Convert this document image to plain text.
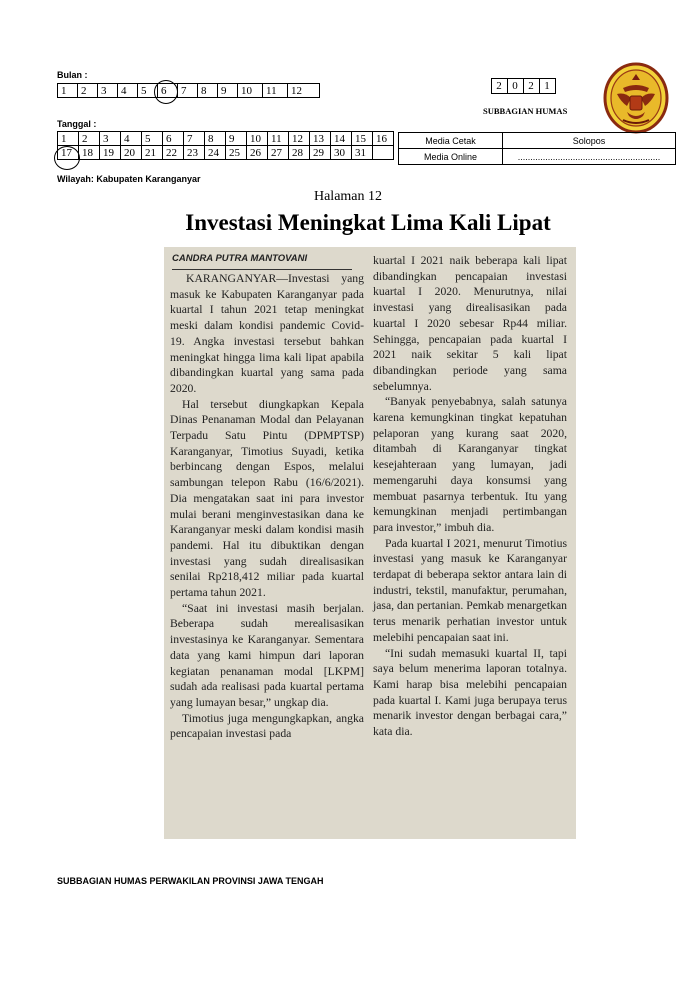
Bulan :
1	2	3	4	5	6	7	8	9	10	11	12
Tanggal :
1	2	3	4	5	6	7	8	9	10	11	12	13	14	15	16
17	18	19	20	21	22	23	24	25	26	27	28	29	30	31	
2	0	2	1
SUBBAGIAN HUMAS
Media Cetak	Solopos
Media Online	.........................................................
Wilayah: Kabupaten Karanganyar
Halaman 12
Investasi Meningkat Lima Kali Lipat
CANDRA PUTRA MANTOVANI

KARANGANYAR—Investasi yang masuk ke Kabupaten Karanganyar pada kuartal I tahun 2021 tetap meningkat meski dalam kondisi pandemic Covid-19. Angka investasi tersebut bahkan meningkat hingga lima kali lipat apabila dibandingkan kuartal yang sama pada 2020.

Hal tersebut diungkapkan Kepala Dinas Penanaman Modal dan Pelayanan Terpadu Satu Pintu (DPMPTSP) Karanganyar, Timotius Suyadi, ketika berbincang dengan Espos, melalui sambungan telepon Rabu (16/6/2021). Dia mengatakan saat ini para investor mulai berani menginvestasikan dana ke Karanganyar meski dalam kondisi masih pandemi. Hal itu dibuktikan dengan investasi yang sudah direalisasikan senilai Rp218,412 miliar pada kuartal pertama tahun 2021.

“Saat ini investasi masih berjalan. Beberapa sudah merealisasikan investasinya ke Karanganyar. Sementara data yang kami himpun dari laporan kegiatan penanaman modal [LKPM] sudah ada realisasi pada kuartal pertama yang lumayan besar,” ungkap dia.

Timotius juga mengungkapkan, angka pencapaian investasi pada

kuartal I 2021 naik beberapa kali lipat dibandingkan pencapaian investasi kuartal I 2020. Menurutnya, nilai investasi yang direalisasikan pada kuartal I 2020 sebesar Rp44 miliar. Sehingga, pencapaian pada kuartal I 2021 naik sekitar 5 kali lipat dibandingkan periode yang sama sebelumnya.

“Banyak penyebabnya, salah satunya karena kemungkinan tingkat kepatuhan pelaporan yang kurang saat 2020, ditambah di Karanganyar tingkat kesejahteraan yang lumayan, jadi memengaruhi daya konsumsi yang membuat pasarnya terbentuk. Itu yang kemungkinan menjadi pertimbangan para investor,” imbuh dia.

Pada kuartal I 2021, menurut Timotius investasi yang masuk ke Karanganyar terdapat di beberapa sektor antara lain di industri, tekstil, manufaktur, perumahan, jasa, dan pertanian. Pemkab menargetkan terus menarik perhatian investor untuk melebihi pencapaian saat ini.

“Ini sudah memasuki kuartal II, tapi saya belum menerima laporan totalnya. Kami harap bisa melebihi pencapaian pada kuartal I. Kami juga berupaya terus menarik investor dengan berbagai cara,” kata dia.

SUBBAGIAN HUMAS PERWAKILAN PROVINSI JAWA TENGAH
